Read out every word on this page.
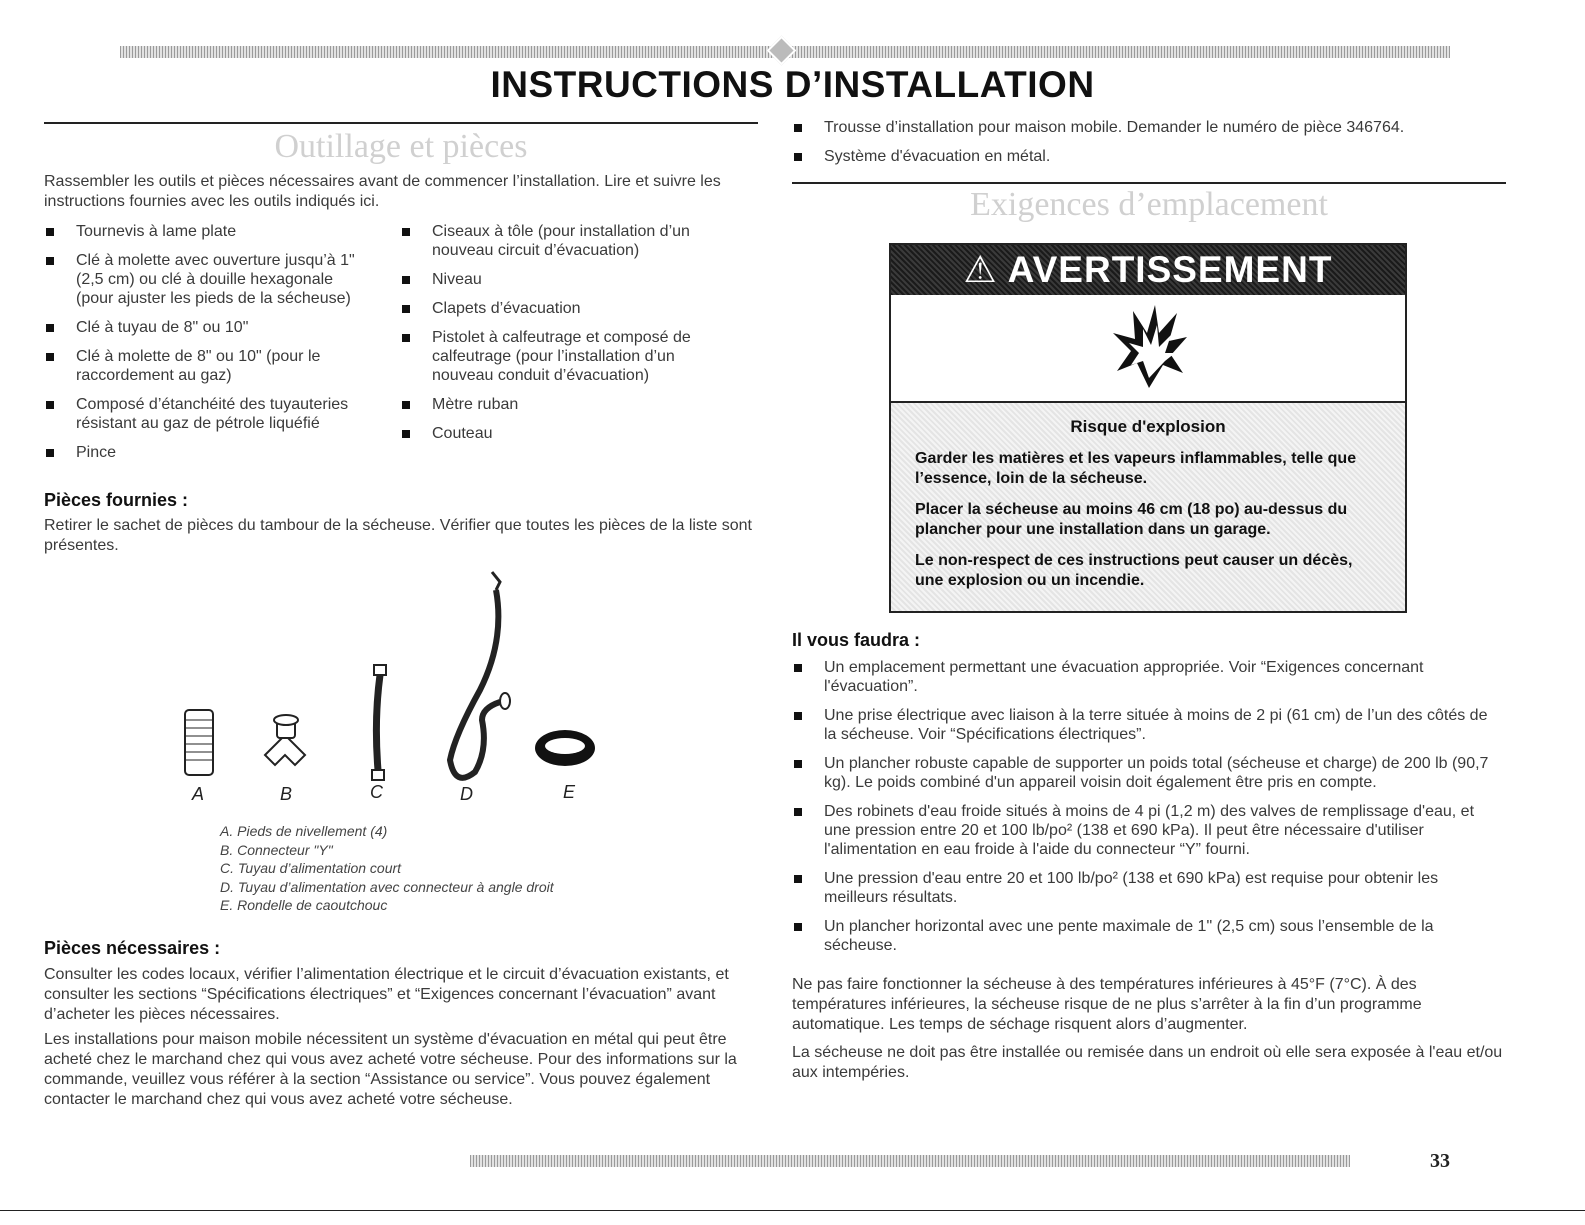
INSTRUCTIONS D’INSTALLATION
Outillage et pièces

Rassembler les outils et pièces nécessaires avant de commencer l’installation. Lire et suivre les instructions fournies avec les outils indiqués ici.

Tournevis à lame plate
Clé à molette avec ouverture jusqu’à 1" (2,5 cm) ou clé à douille hexagonale (pour ajuster les pieds de la sécheuse)
Clé à tuyau de 8" ou 10"
Clé à molette de 8" ou 10" (pour le raccordement au gaz)
Composé d’étanchéité des tuyauteries résistant au gaz de pétrole liquéfié
Pince
Ciseaux à tôle (pour installation d’un nouveau circuit d’évacuation)
Niveau
Clapets d’évacuation
Pistolet à calfeutrage et composé de calfeutrage (pour l’installation d’un nouveau conduit d’évacuation)
Mètre ruban
Couteau
Pièces fournies :

Retirer le sachet de pièces du tambour de la sécheuse. Vérifier que toutes les pièces de la liste sont présentes.

A	B	C	D	E
A. Pieds de nivellement (4)
B. Connecteur "Y"
C. Tuyau d’alimentation court
D. Tuyau d’alimentation avec connecteur à angle droit
E. Rondelle de caoutchouc
Pièces nécessaires :

Consulter les codes locaux, vérifier l’alimentation électrique et le circuit d’évacuation existants, et consulter les sections “Spécifications électriques” et “Exigences concernant l’évacuation” avant d’acheter les pièces nécessaires.

Les installations pour maison mobile nécessitent un système d'évacuation en métal qui peut être acheté chez le marchand chez qui vous avez acheté votre sécheuse. Pour des informations sur la commande, veuillez vous référer à la section “Assistance ou service”. Vous pouvez également contacter le marchand chez qui vous avez acheté votre sécheuse.

Trousse d’installation pour maison mobile. Demander le numéro de pièce 346764.
Système d'évacuation en métal.
Exigences d’emplacement
⚠ AVERTISSEMENT

Risque d'explosion

Garder les matières et les vapeurs inflammables, telle que l’essence, loin de la sécheuse.

Placer la sécheuse au moins 46 cm (18 po) au-dessus du plancher pour une installation dans un garage.

Le non-respect de ces instructions peut causer un décès, une explosion ou un incendie.

Il vous faudra :
Un emplacement permettant une évacuation appropriée. Voir “Exigences concernant l'évacuation”.
Une prise électrique avec liaison à la terre située à moins de 2 pi (61 cm) de l’un des côtés de la sécheuse. Voir “Spécifications électriques”.
Un plancher robuste capable de supporter un poids total (sécheuse et charge) de 200 lb (90,7 kg). Le poids combiné d'un appareil voisin doit également être pris en compte.
Des robinets d'eau froide situés à moins de 4 pi (1,2 m) des valves de remplissage d'eau, et une pression entre 20 et 100 lb/po² (138 et 690 kPa). Il peut être nécessaire d'utiliser l'alimentation en eau froide à l'aide du connecteur “Y” fourni.
Une pression d'eau entre 20 et 100 lb/po² (138 et 690 kPa) est requise pour obtenir les meilleurs résultats.
Un plancher horizontal avec une pente maximale de 1" (2,5 cm) sous l’ensemble de la sécheuse.

Ne pas faire fonctionner la sécheuse à des températures inférieures à 45°F (7°C). À des températures inférieures, la sécheuse risque de ne plus s’arrêter à la fin d’un programme automatique. Les temps de séchage risquent alors d’augmenter.

La sécheuse ne doit pas être installée ou remisée dans un endroit où elle sera exposée à l'eau et/ou aux intempéries.

33
